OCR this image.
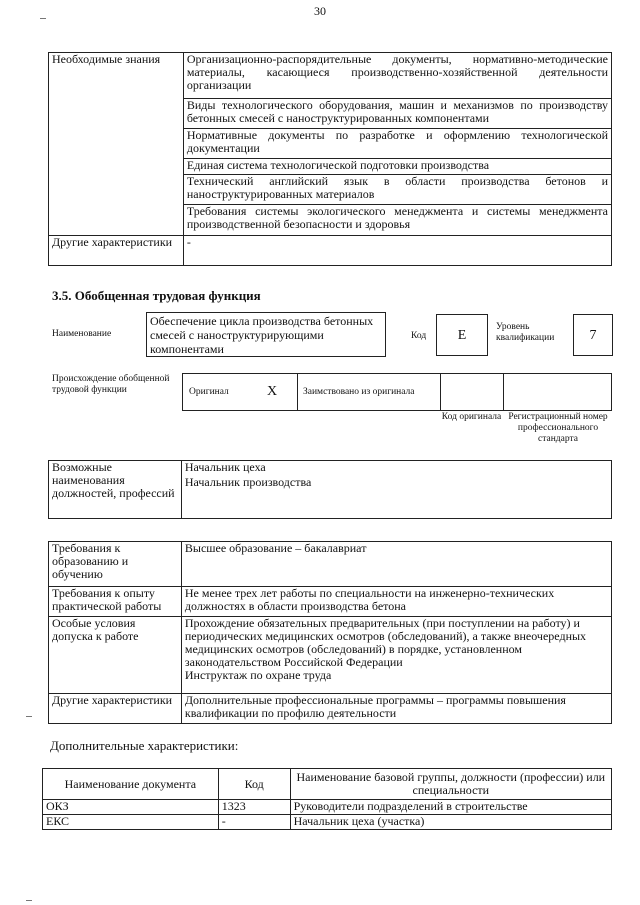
30
Необходимые знания	Организационно-распорядительные документы, нормативно-методические материалы, касающиеся производственно-хозяйственной деятельности организации
	Виды технологического оборудования, машин и механизмов по производству бетонных смесей с наноструктурированных компонентами
	Нормативные документы по разработке и оформлению технологической документации
	Единая система технологической подготовки производства
	Технический английский язык в области производства бетонов и наноструктурированных материалов
	Требования системы экологического менеджмента и системы менеджмента производственной безопасности и здоровья
Другие характеристики	-
3.5. Обобщенная трудовая функция
Наименование
Обеспечение цикла производства бетонных смесей с наноструктурирующими компонентами
Код	E
Уровень квалификации	7
Происхождение обобщенной трудовой функции	Оригинал	X	Заимствовано из оригинала
Код оригинала Регистрационный номер профессионального стандарта
Возможные наименования должностей, профессий	
Начальник цеха
Начальник производства
Требования к образованию и обучению	Высшее образование – бакалавриат
Требования к опыту практической работы	Не менее трех лет работы по специальности на инженерно-технических должностях в области производства бетона
Особые условия допуска к работе	Прохождение обязательных предварительных (при поступлении на работу) и периодических медицинских осмотров (обследований), а также внеочередных медицинских осмотров (обследований) в порядке, установленном законодательством Российской Федерации
Инструктаж по охране труда

Другие характеристики	Дополнительные профессиональные программы – программы повышения квалификации по профилю деятельности
Дополнительные характеристики:
Наименование документа	Код	Наименование базовой группы, должности (профессии) или специальности
ОКЗ	1323	Руководители подразделений в строительстве
ЕКС	-	Начальник цеха (участка)
